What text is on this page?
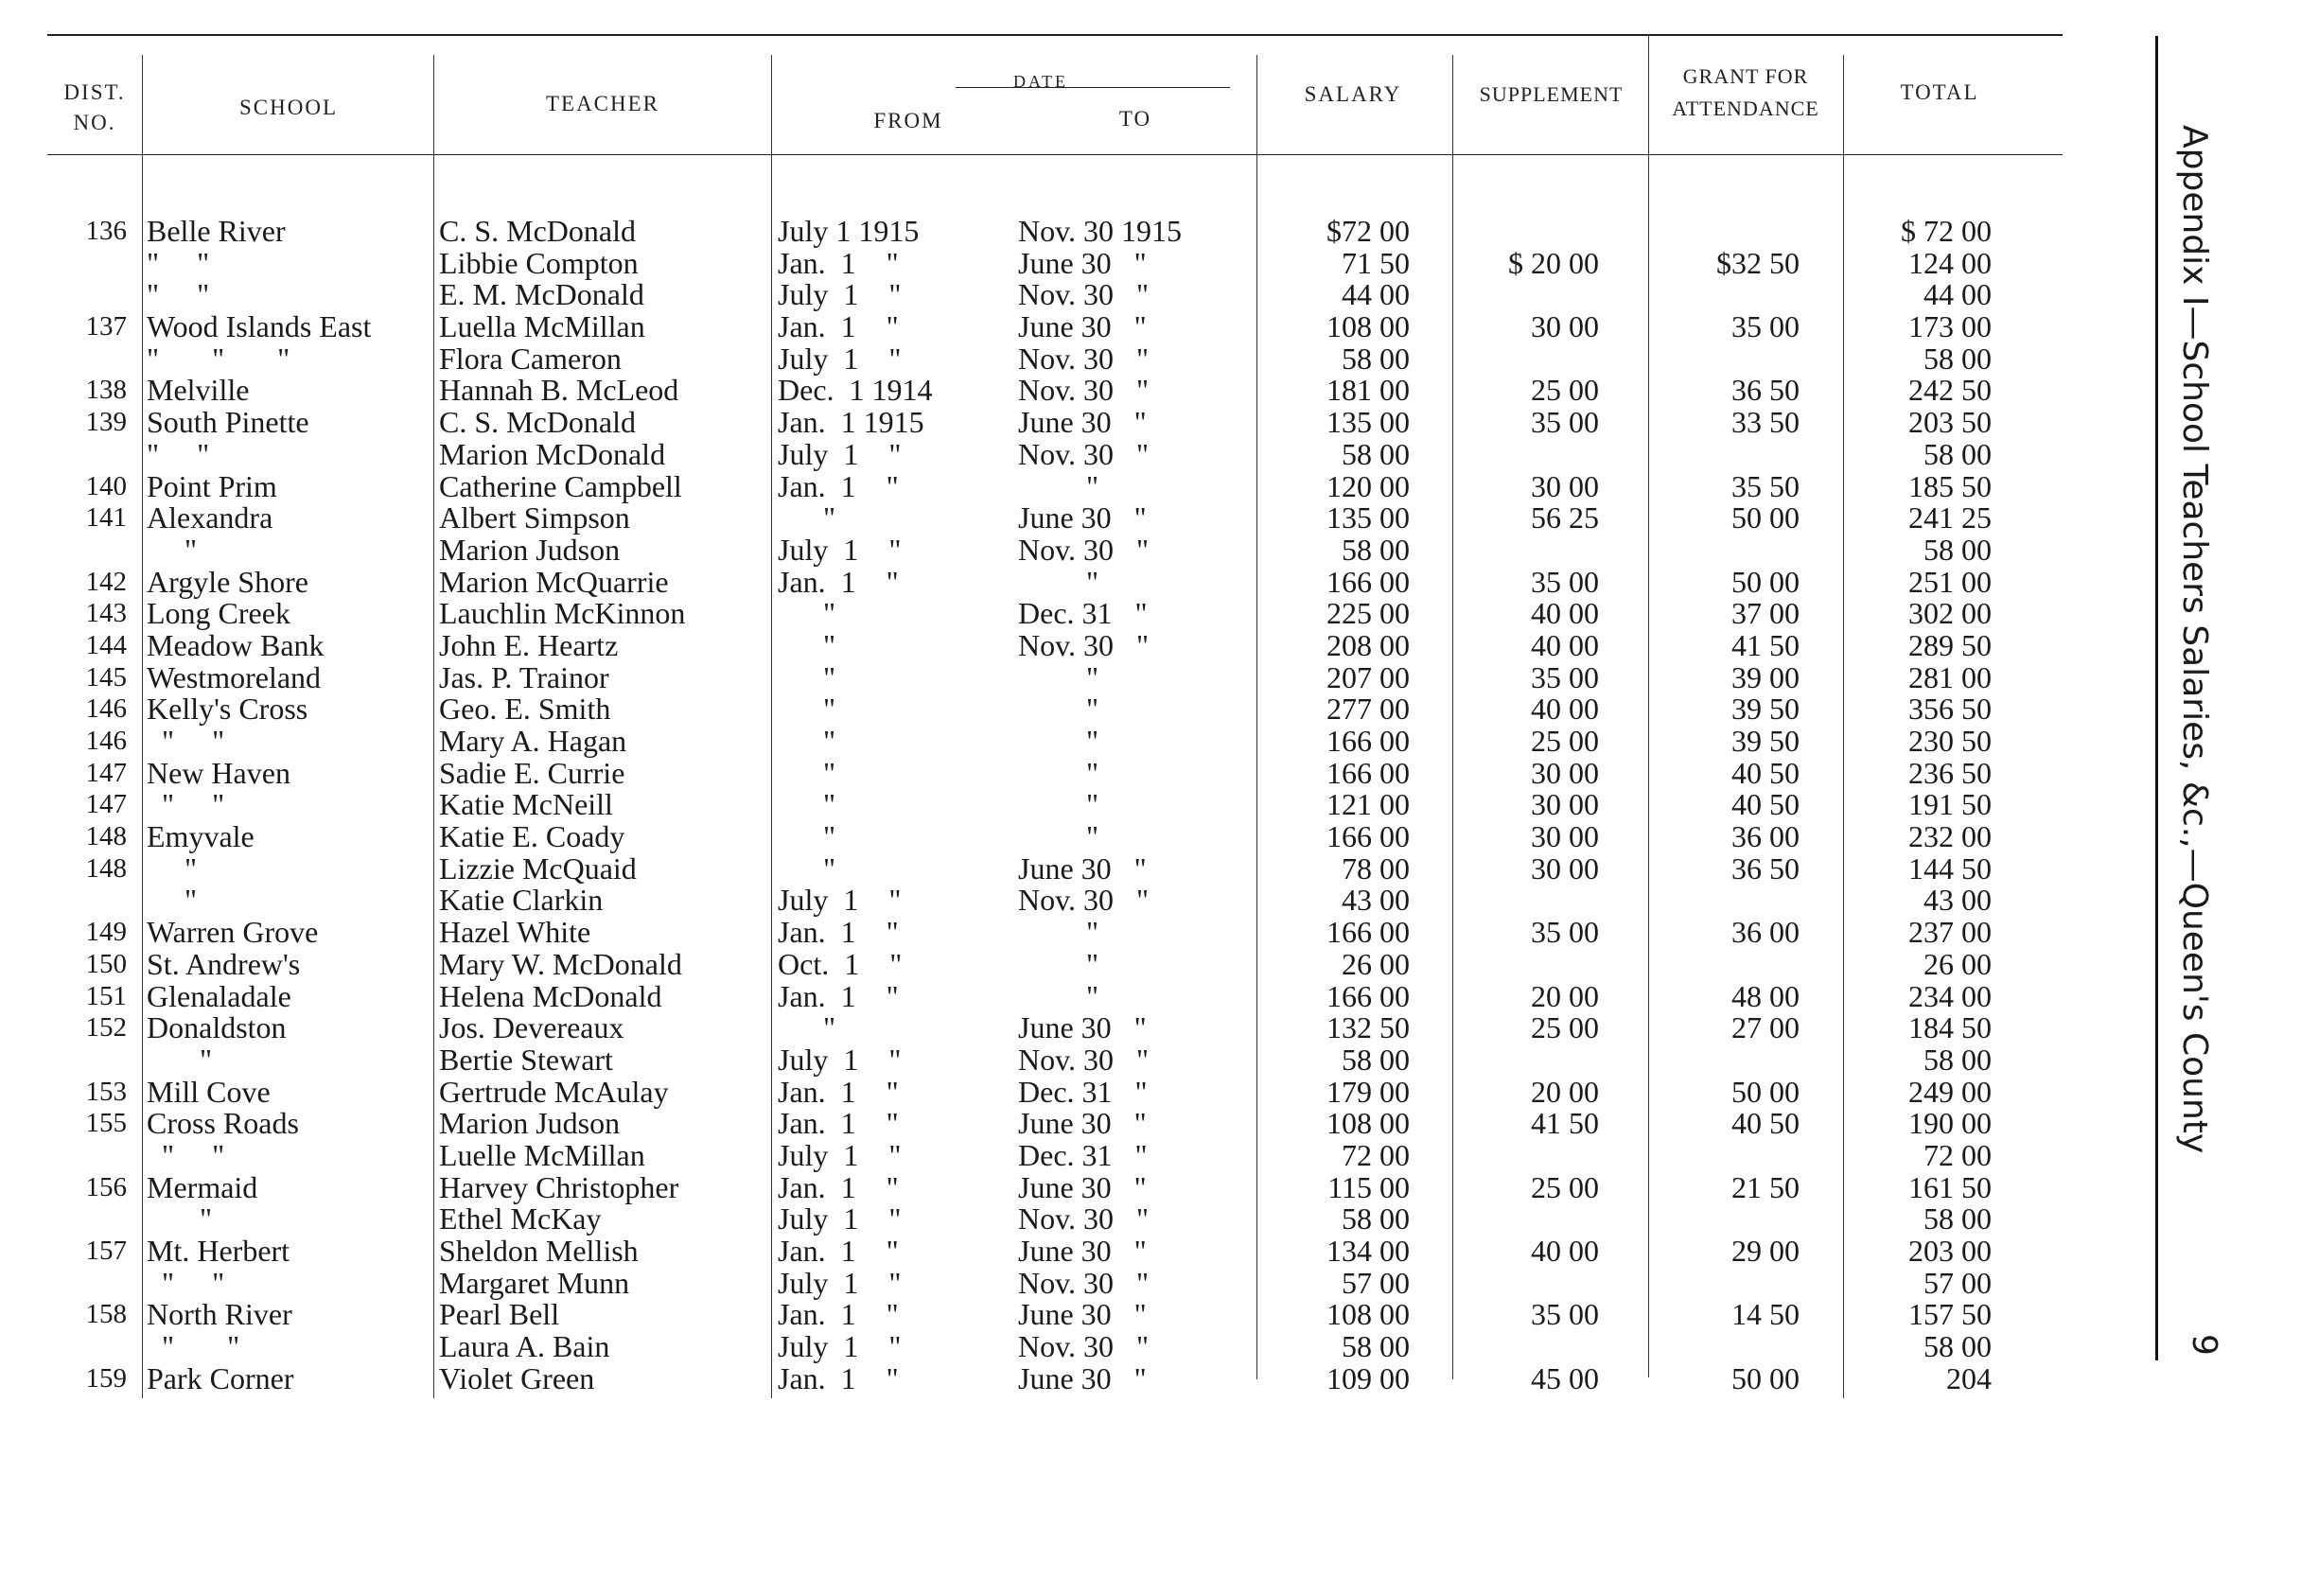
DIST. NO.
SCHOOL	TEACHER
DATE
FROM	TO
SALARY	SUPPLEMENT
GRANT FOR ATTENDANCE
TOTAL
136 Belle River	C. S. McDonald	July 1 1915	Nov. 30 1915	$72 00	$ 72 00
"     "	Libbie Compton	Jan.  1    "	June 30   "	71 50	$ 20 00	$32 50	124 00
"     "	E. M. McDonald	July  1    "	Nov. 30   "	44 00	44 00
137 Wood Islands East Luella McMillan	Jan.  1    "	June 30   "	108 00	30 00	35 00	173 00
"       "       "	Flora Cameron	July  1    "	Nov. 30   "	58 00	58 00
138 Melville	Hannah B. McLeod	Dec.  1 1914	Nov. 30   "	181 00	25 00	36 50	242 50
139 South Pinette	C. S. McDonald	Jan.  1 1915	June 30   "	135 00	35 00	33 50	203 50
"     "	Marion McDonald	July  1    "	Nov. 30   "	58 00	58 00
140 Point Prim	Catherine Campbell	Jan.  1    "	"	120 00	30 00	35 50	185 50
141 Alexandra	Albert Simpson	"	June 30   "	135 00	56 25	50 00	241 25
"	Marion Judson	July  1    "	Nov. 30   "	58 00	58 00
142 Argyle Shore	Marion McQuarrie	Jan.  1    "	"	166 00	35 00	50 00	251 00
143 Long Creek	Lauchlin McKinnon	"	Dec. 31   "	225 00	40 00	37 00	302 00
144 Meadow Bank	John E. Heartz	"	Nov. 30   "	208 00	40 00	41 50	289 50
145 Westmoreland	Jas. P. Trainor	"	"	207 00	35 00	39 00	281 00
146 Kelly's Cross	Geo. E. Smith	"	"	277 00	40 00	39 50	356 50
146 "     "	Mary A. Hagan	"	"	166 00	25 00	39 50	230 50
147 New Haven	Sadie E. Currie	"	"	166 00	30 00	40 50	236 50
147 "     "	Katie McNeill	"	"	121 00	30 00	40 50	191 50
148 Emyvale	Katie E. Coady	"	"	166 00	30 00	36 00	232 00
148 "	Lizzie McQuaid	"	June 30   "	78 00	30 00	36 50	144 50
"	Katie Clarkin	July  1    "	Nov. 30   "	43 00	43 00
149 Warren Grove	Hazel White	Jan.  1    "	"	166 00	35 00	36 00	237 00
150 St. Andrew's	Mary W. McDonald	Oct.  1    "	"	26 00	26 00
151 Glenaladale	Helena McDonald	Jan.  1    "	"	166 00	20 00	48 00	234 00
152 Donaldston	Jos. Devereaux	"	June 30   "	132 50	25 00	27 00	184 50
"	Bertie Stewart	July  1    "	Nov. 30   "	58 00	58 00
153 Mill Cove	Gertrude McAulay	Jan.  1    "	Dec. 31   "	179 00	20 00	50 00	249 00
155 Cross Roads	Marion Judson	Jan.  1    "	June 30   "	108 00	41 50	40 50	190 00
"     "	Luelle McMillan	July  1    "	Dec. 31   "	72 00	72 00
156 Mermaid	Harvey Christopher	Jan.  1    "	June 30   "	115 00	25 00	21 50	161 50
"	Ethel McKay	July  1    "	Nov. 30   "	58 00	58 00
157 Mt. Herbert	Sheldon Mellish	Jan.  1    "	June 30   "	134 00	40 00	29 00	203 00
"     "	Margaret Munn	July  1    "	Nov. 30   "	57 00	57 00
158 North River	Pearl Bell	Jan.  1    "	June 30   "	108 00	35 00	14 50	157 50
"       "	Laura A. Bain	July  1    "	Nov. 30   "	58 00	58 00
159 Park Corner	Violet Green	Jan.  1    "	June 30   "	109 00	45 00	50 00	204
Appendix I—School Teachers Salaries, &c.,—Queen's County
9
